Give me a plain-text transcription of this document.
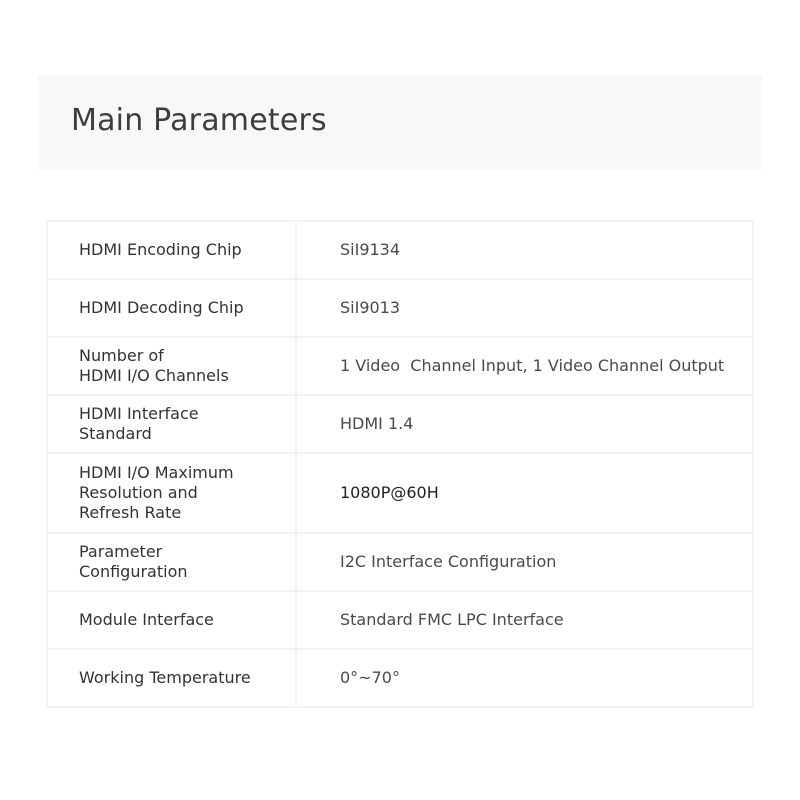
Main Parameters
HDMI Encoding Chip	SiI9134

HDMI Decoding Chip	SiI9013

Number of
HDMI I/O Channels	1 Video  Channel Input, 1 Video Channel Output

HDMI Interface
Standard	HDMI 1.4

HDMI I/O Maximum
Resolution and
Refresh Rate	1080P@60H

Parameter
Configuration	I2C Interface Configuration

Module Interface	Standard FMC LPC Interface

Working Temperature	0°~70°
